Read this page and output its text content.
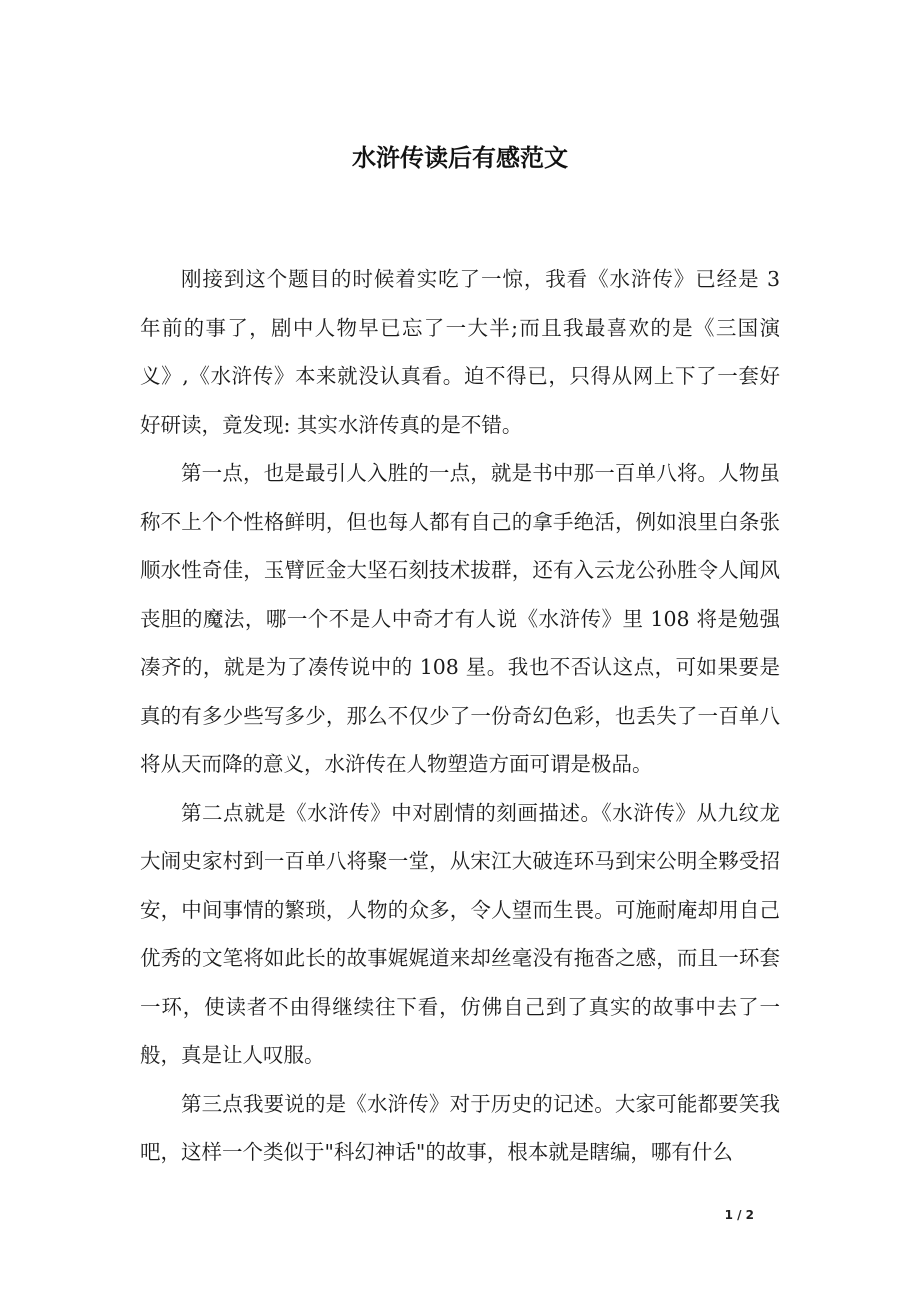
水浒传读后有感范文

刚接到这个题目的时候着实吃了一惊，我看《水浒传》已经是 3 年前的事了，剧中人物早已忘了一大半;而且我最喜欢的是《三国演义》,《水浒传》本来就没认真看。迫不得已，只得从网上下了一套好好研读，竟发现: 其实水浒传真的是不错。

第一点，也是最引人入胜的一点，就是书中那一百单八将。人物虽称不上个个性格鲜明，但也每人都有自己的拿手绝活，例如浪里白条张顺水性奇佳，玉臂匠金大坚石刻技术拔群，还有入云龙公孙胜令人闻风丧胆的魔法，哪一个不是人中奇才有人说《水浒传》里 108 将是勉强凑齐的，就是为了凑传说中的 108 星。我也不否认这点，可如果要是真的有多少些写多少，那么不仅少了一份奇幻色彩，也丢失了一百单八将从天而降的意义，水浒传在人物塑造方面可谓是极品。

第二点就是《水浒传》中对剧情的刻画描述。《水浒传》从九纹龙大闹史家村到一百单八将聚一堂，从宋江大破连环马到宋公明全夥受招安，中间事情的繁琐，人物的众多，令人望而生畏。可施耐庵却用自己优秀的文笔将如此长的故事娓娓道来却丝毫没有拖沓之感，而且一环套一环，使读者不由得继续往下看，仿佛自己到了真实的故事中去了一般，真是让人叹服。

第三点我要说的是《水浒传》对于历史的记述。大家可能都要笑我吧，这样一个类似于"科幻神话"的故事，根本就是瞎编，哪有什么

1 / 2
